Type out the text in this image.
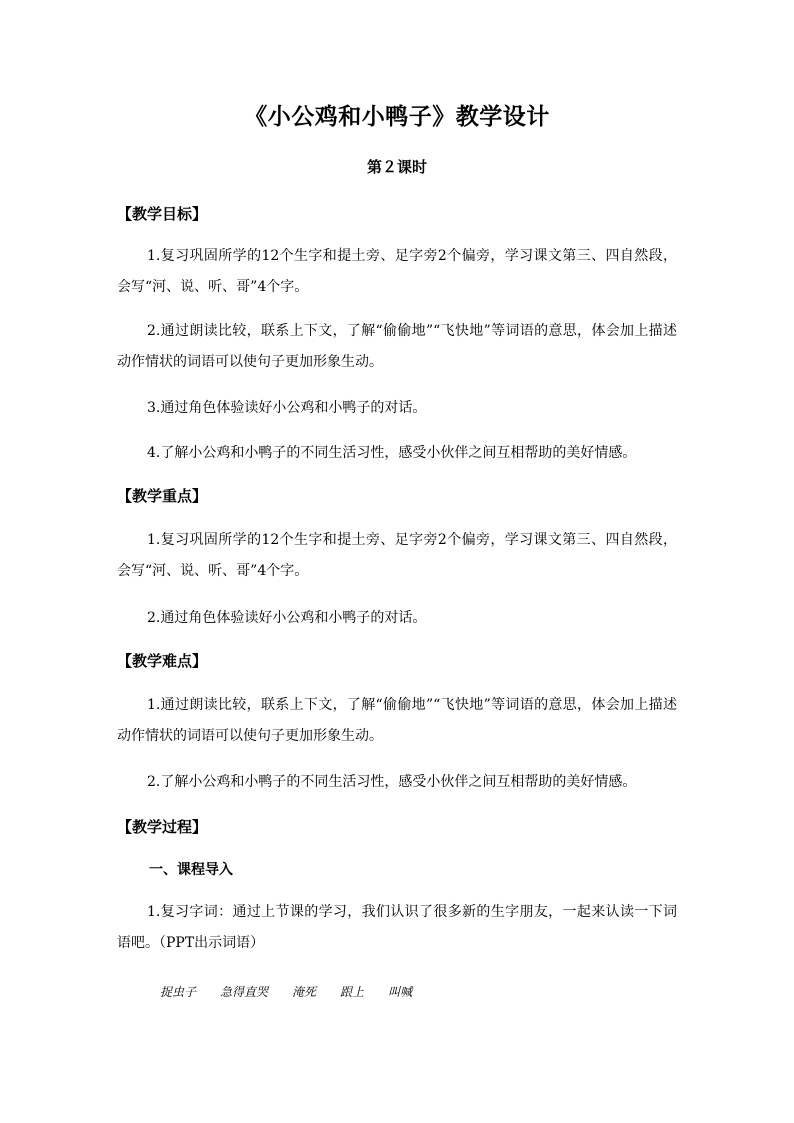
《小公鸡和小鸭子》教学设计
第２课时
【教学目标】
1.复习巩固所学的12个生字和提土旁、足字旁2个偏旁，学习课文第三、四自然段，会写“河、说、听、哥”4个字。
2.通过朗读比较，联系上下文，了解“偷偷地”“飞快地”等词语的意思，体会加上描述动作情状的词语可以使句子更加形象生动。
3.通过角色体验读好小公鸡和小鸭子的对话。
4.了解小公鸡和小鸭子的不同生活习性，感受小伙伴之间互相帮助的美好情感。
【教学重点】
1.复习巩固所学的12个生字和提土旁、足字旁2个偏旁，学习课文第三、四自然段，会写“河、说、听、哥”4个字。
2.通过角色体验读好小公鸡和小鸭子的对话。
【教学难点】
1.通过朗读比较，联系上下文，了解“偷偷地”“飞快地”等词语的意思，体会加上描述动作情状的词语可以使句子更加形象生动。
2.了解小公鸡和小鸭子的不同生活习性，感受小伙伴之间互相帮助的美好情感。
【教学过程】
一、课程导入
1.复习字词：通过上节课的学习，我们认识了很多新的生字朋友，一起来认读一下词语吧。（PPT出示词语）
捉虫子 急得直哭 淹死 跟上 叫喊
